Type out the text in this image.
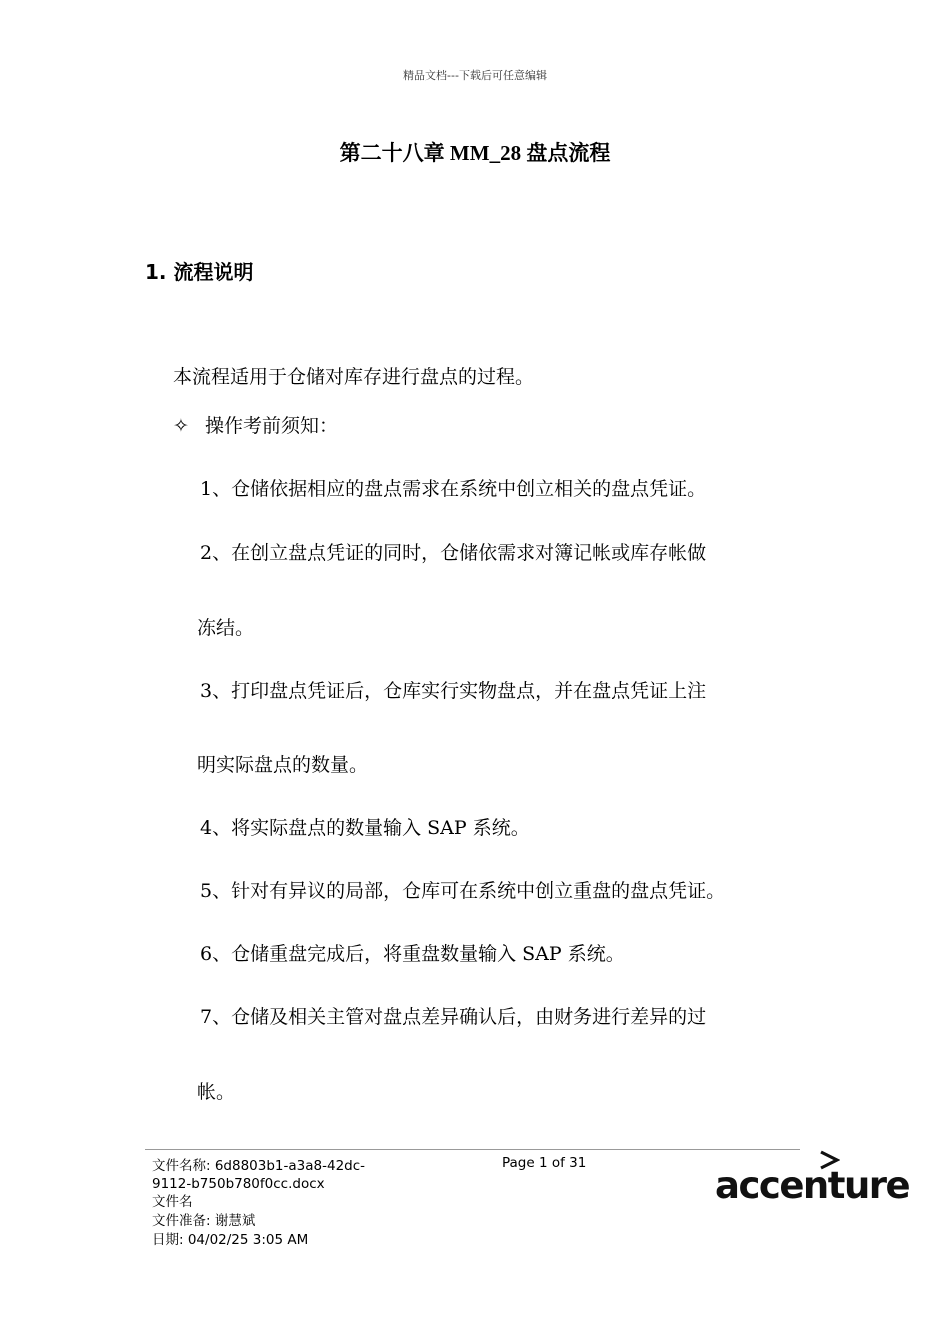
精品文档---下载后可任意编辑
第二十八章 MM_28 盘点流程
1. 流程说明
本流程适用于仓储对库存进行盘点的过程。
✧ 操作考前须知：
1、仓储依据相应的盘点需求在系统中创立相关的盘点凭证。
2、在创立盘点凭证的同时，仓储依需求对簿记帐或库存帐做
冻结。
3、打印盘点凭证后，仓库实行实物盘点，并在盘点凭证上注
明实际盘点的数量。
4、将实际盘点的数量输入 SAP 系统。
5、针对有异议的局部，仓库可在系统中创立重盘的盘点凭证。
6、仓储重盘完成后，将重盘数量输入 SAP 系统。
7、仓储及相关主管对盘点差异确认后，由财务进行差异的过
帐。
文件名称: 6d8803b1-a3a8-42dc-
9112-b750b780f0cc.docx
文件名
文件准备: 谢慧斌
日期: 04/02/25 3:05 AM
Page 1 of 31
accenture
